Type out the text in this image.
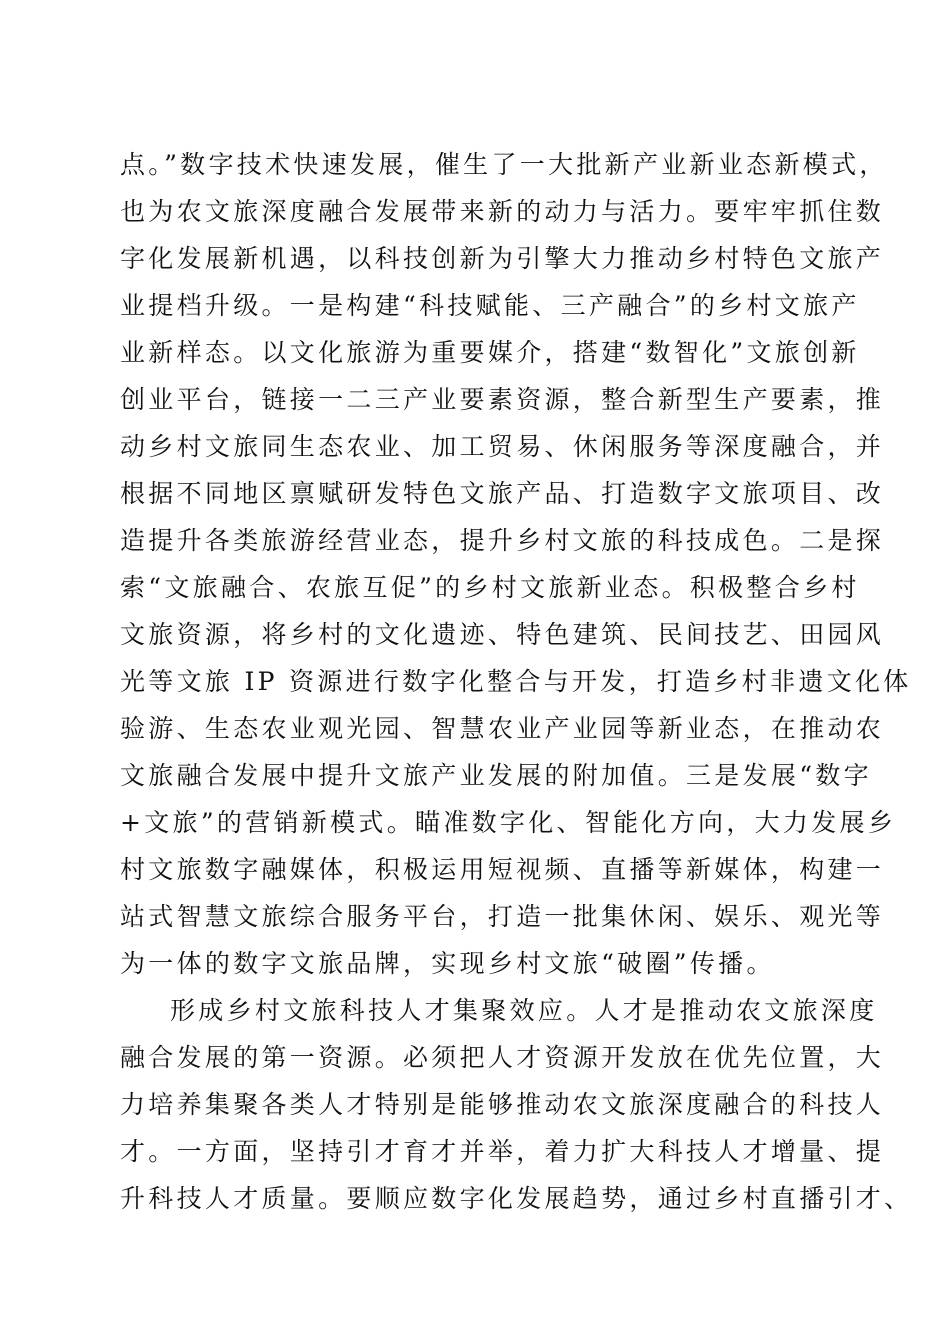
点。”数字技术快速发展，催生了一大批新产业新业态新模式，
也为农文旅深度融合发展带来新的动力与活力。要牢牢抓住数
字化发展新机遇，以科技创新为引擎大力推动乡村特色文旅产
业提档升级。一是构建“科技赋能、三产融合”的乡村文旅产
业新样态。以文化旅游为重要媒介，搭建“数智化”文旅创新
创业平台，链接一二三产业要素资源，整合新型生产要素，推
动乡村文旅同生态农业、加工贸易、休闲服务等深度融合，并
根据不同地区禀赋研发特色文旅产品、打造数字文旅项目、改
造提升各类旅游经营业态，提升乡村文旅的科技成色。二是探
索“文旅融合、农旅互促”的乡村文旅新业态。积极整合乡村
文旅资源，将乡村的文化遗迹、特色建筑、民间技艺、田园风
光等文旅 IP 资源进行数字化整合与开发，打造乡村非遗文化体
验游、生态农业观光园、智慧农业产业园等新业态，在推动农
文旅融合发展中提升文旅产业发展的附加值。三是发展“数字
+文旅”的营销新模式。瞄准数字化、智能化方向，大力发展乡
村文旅数字融媒体，积极运用短视频、直播等新媒体，构建一
站式智慧文旅综合服务平台，打造一批集休闲、娱乐、观光等
为一体的数字文旅品牌，实现乡村文旅“破圈”传播。
形成乡村文旅科技人才集聚效应。人才是推动农文旅深度
融合发展的第一资源。必须把人才资源开发放在优先位置，大
力培养集聚各类人才特别是能够推动农文旅深度融合的科技人
才。一方面，坚持引才育才并举，着力扩大科技人才增量、提
升科技人才质量。要顺应数字化发展趋势，通过乡村直播引才、
